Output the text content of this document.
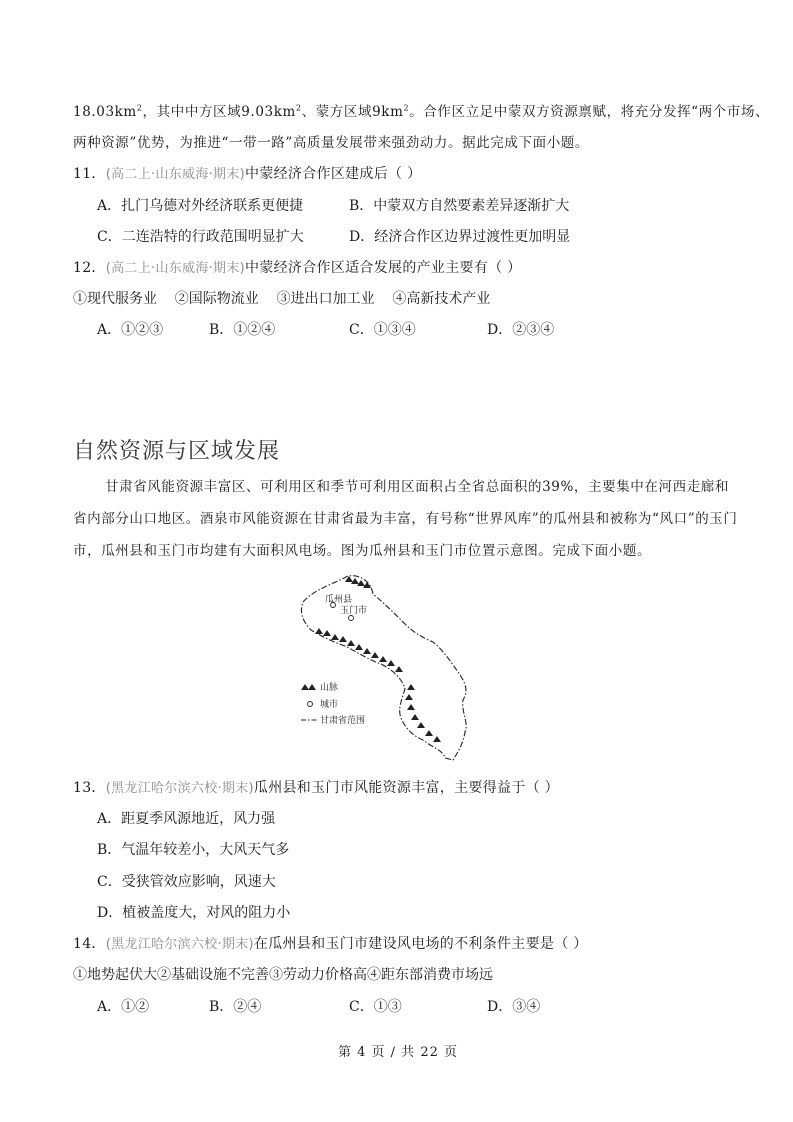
$18.03km^2$，其中中方区域$9.03km^2$、蒙方区域$9km^2$。合作区立足中蒙双方资源禀赋，将充分发挥“两个市场、
两种资源”优势，为推进“一带一路”高质量发展带来强劲动力。据此完成下面小题。
11．(高二上·山东威海·期末)中蒙经济合作区建成后（ ）
A．扎门乌德对外经济联系更便捷	B．中蒙双方自然要素差异逐渐扩大
C．二连浩特的行政范围明显扩大	D．经济合作区边界过渡性更加明显
12．(高二上·山东威海·期末)中蒙经济合作区适合发展的产业主要有（ ）
①现代服务业    ②国际物流业    ③进出口加工业    ④高新技术产业
A．①②③	B．①②④	C．①③④	D．②③④
自然资源与区域发展
甘肃省风能资源丰富区、可利用区和季节可利用区面积占全省总面积的39%，主要集中在河西走廊和
省内部分山口地区。酒泉市风能资源在甘肃省最为丰富，有号称“世界风库”的瓜州县和被称为“风口”的玉门
市，瓜州县和玉门市均建有大面积风电场。图为瓜州县和玉门市位置示意图。完成下面小题。
瓜州县
玉门市
山脉
城市
甘肃省范围
13．(黑龙江哈尔滨六校·期末)瓜州县和玉门市风能资源丰富，主要得益于（ ）
A．距夏季风源地近，风力强
B．气温年较差小，大风天气多
C．受狭管效应影响，风速大
D．植被盖度大，对风的阻力小
14．(黑龙江哈尔滨六校·期末)在瓜州县和玉门市建设风电场的不利条件主要是（ ）
①地势起伏大②基础设施不完善③劳动力价格高④距东部消费市场远
A．①②	B．②④	C．①③	D．③④
第 4 页 / 共 22 页
